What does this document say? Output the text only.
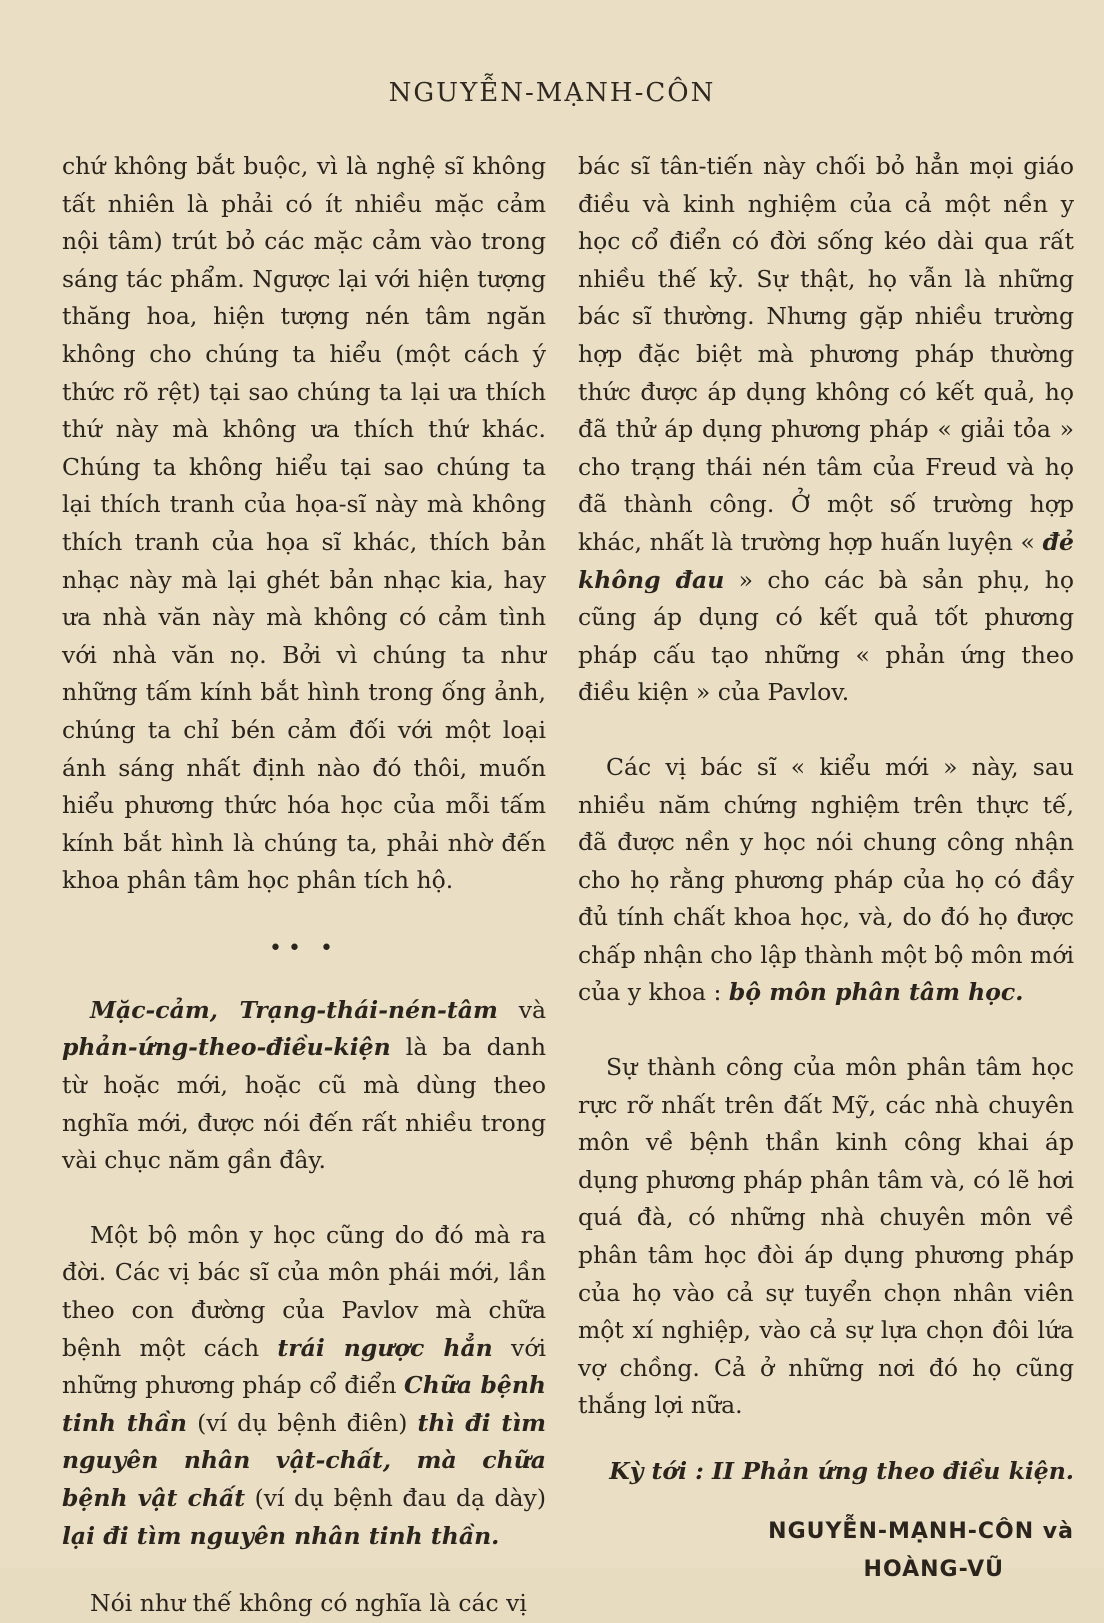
NGUYỄN-MẠNH-CÔN

chứ không bắt buộc, vì là nghệ sĩ không tất nhiên là phải có ít nhiều mặc cảm nội tâm) trút bỏ các mặc cảm vào trong sáng tác phẩm. Ngược lại với hiện tượng thăng hoa, hiện tượng nén tâm ngăn không cho chúng ta hiểu (một cách ý thức rõ rệt) tại sao chúng ta lại ưa thích thứ này mà không ưa thích thứ khác. Chúng ta không hiểu tại sao chúng ta lại thích tranh của họa-sĩ này mà không thích tranh của họa sĩ khác, thích bản nhạc này mà lại ghét bản nhạc kia, hay ưa nhà văn này mà không có cảm tình với nhà văn nọ. Bởi vì chúng ta như những tấm kính bắt hình trong ống ảnh, chúng ta chỉ bén cảm đối với một loại ánh sáng nhất định nào đó thôi, muốn hiểu phương thức hóa học của mỗi tấm kính bắt hình là chúng ta, phải nhờ đến khoa phân tâm học phân tích hộ.

•• •

Mặc-cảm, Trạng-thái-nén-tâm và phản-ứng-theo-điều-kiện là ba danh từ hoặc mới, hoặc cũ mà dùng theo nghĩa mới, được nói đến rất nhiều trong vài chục năm gần đây.

Một bộ môn y học cũng do đó mà ra đời. Các vị bác sĩ của môn phái mới, lần theo con đường của Pavlov mà chữa bệnh một cách trái ngược hẳn với những phương pháp cổ điển Chữa bệnh tinh thần (ví dụ bệnh điên) thì đi tìm nguyên nhân vật-chất, mà chữa bệnh vật chất (ví dụ bệnh đau dạ dày) lại đi tìm nguyên nhân tinh thần.

Nói như thế không có nghĩa là các vị

bác sĩ tân-tiến này chối bỏ hẳn mọi giáo điều và kinh nghiệm của cả một nền y học cổ điển có đời sống kéo dài qua rất nhiều thế kỷ. Sự thật, họ vẫn là những bác sĩ thường. Nhưng gặp nhiều trường hợp đặc biệt mà phương pháp thường thức được áp dụng không có kết quả, họ đã thử áp dụng phương pháp « giải tỏa » cho trạng thái nén tâm của Freud và họ đã thành công. Ở một số trường hợp khác, nhất là trường hợp huấn luyện « đẻ không đau » cho các bà sản phụ, họ cũng áp dụng có kết quả tốt phương pháp cấu tạo những « phản ứng theo điều kiện » của Pavlov.

Các vị bác sĩ « kiểu mới » này, sau nhiều năm chứng nghiệm trên thực tế, đã được nền y học nói chung công nhận cho họ rằng phương pháp của họ có đầy đủ tính chất khoa học, và, do đó họ được chấp nhận cho lập thành một bộ môn mới của y khoa : bộ môn phân tâm học.

Sự thành công của môn phân tâm học rực rỡ nhất trên đất Mỹ, các nhà chuyên môn về bệnh thần kinh công khai áp dụng phương pháp phân tâm và, có lẽ hơi quá đà, có những nhà chuyên môn về phân tâm học đòi áp dụng phương pháp của họ vào cả sự tuyển chọn nhân viên một xí nghiệp, vào cả sự lựa chọn đôi lứa vợ chồng. Cả ở những nơi đó họ cũng thắng lợi nữa.

Kỳ tới : II Phản ứng theo điều kiện.
NGUYỄN-MẠNH-CÔN và
HOÀNG-VŨ
